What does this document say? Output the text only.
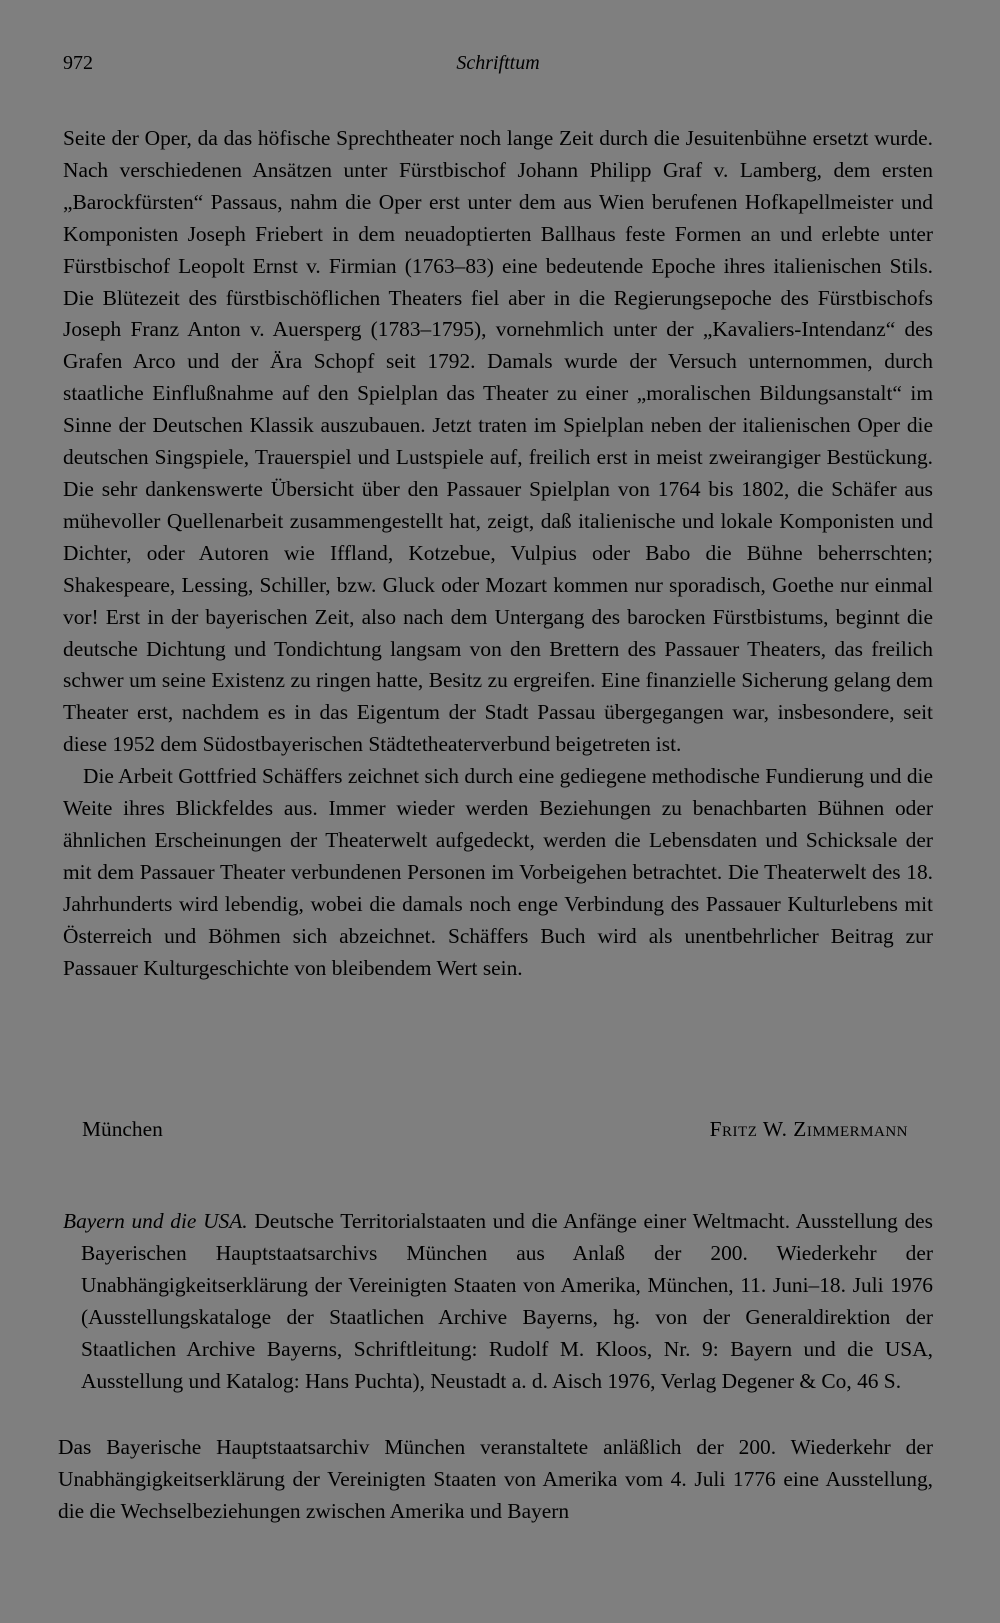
972	Schrifttum

Seite der Oper, da das höfische Sprechtheater noch lange Zeit durch die Jesuitenbühne ersetzt wurde. Nach verschiedenen Ansätzen unter Fürstbischof Johann Philipp Graf v. Lamberg, dem ersten „Barockfürsten“ Passaus, nahm die Oper erst unter dem aus Wien berufenen Hofkapellmeister und Komponisten Joseph Friebert in dem neuadoptierten Ballhaus feste Formen an und erlebte unter Fürstbischof Leopolt Ernst v. Firmian (1763–83) eine bedeutende Epoche ihres italienischen Stils. Die Blütezeit des fürstbischöflichen Theaters fiel aber in die Regierungsepoche des Fürstbischofs Joseph Franz Anton v. Auersperg (1783–1795), vornehmlich unter der „Kavaliers-Intendanz“ des Grafen Arco und der Ära Schopf seit 1792. Damals wurde der Versuch unternommen, durch staatliche Einflußnahme auf den Spielplan das Theater zu einer „moralischen Bildungsanstalt“ im Sinne der Deutschen Klassik auszubauen. Jetzt traten im Spielplan neben der italienischen Oper die deutschen Singspiele, Trauerspiel und Lustspiele auf, freilich erst in meist zweirangiger Bestückung. Die sehr dankenswerte Übersicht über den Passauer Spielplan von 1764 bis 1802, die Schäfer aus mühevoller Quellenarbeit zusammengestellt hat, zeigt, daß italienische und lokale Komponisten und Dichter, oder Autoren wie Iffland, Kotzebue, Vulpius oder Babo die Bühne beherrschten; Shakespeare, Lessing, Schiller, bzw. Gluck oder Mozart kommen nur sporadisch, Goethe nur einmal vor! Erst in der bayerischen Zeit, also nach dem Untergang des barocken Fürstbistums, beginnt die deutsche Dichtung und Tondichtung langsam von den Brettern des Passauer Theaters, das freilich schwer um seine Existenz zu ringen hatte, Besitz zu ergreifen. Eine finanzielle Sicherung gelang dem Theater erst, nachdem es in das Eigentum der Stadt Passau übergegangen war, insbesondere, seit diese 1952 dem Südostbayerischen Städtetheaterverbund beigetreten ist.

Die Arbeit Gottfried Schäffers zeichnet sich durch eine gediegene methodische Fundierung und die Weite ihres Blickfeldes aus. Immer wieder werden Beziehungen zu benachbarten Bühnen oder ähnlichen Erscheinungen der Theaterwelt aufgedeckt, werden die Lebensdaten und Schicksale der mit dem Passauer Theater verbundenen Personen im Vorbeigehen betrachtet. Die Theaterwelt des 18. Jahrhunderts wird lebendig, wobei die damals noch enge Verbindung des Passauer Kulturlebens mit Österreich und Böhmen sich abzeichnet. Schäffers Buch wird als unentbehrlicher Beitrag zur Passauer Kulturgeschichte von bleibendem Wert sein.

München	Fritz W. Zimmermann
Bayern und die USA. Deutsche Territorialstaaten und die Anfänge einer Weltmacht. Ausstellung des Bayerischen Hauptstaatsarchivs München aus Anlaß der 200. Wiederkehr der Unabhängigkeitserklärung der Vereinigten Staaten von Amerika, München, 11. Juni–18. Juli 1976 (Ausstellungskataloge der Staatlichen Archive Bayerns, hg. von der Generaldirektion der Staatlichen Archive Bayerns, Schriftleitung: Rudolf M. Kloos, Nr. 9: Bayern und die USA, Ausstellung und Katalog: Hans Puchta), Neustadt a. d. Aisch 1976, Verlag Degener & Co, 46 S.
Das Bayerische Hauptstaatsarchiv München veranstaltete anläßlich der 200. Wiederkehr der Unabhängigkeitserklärung der Vereinigten Staaten von Amerika vom 4. Juli 1776 eine Ausstellung, die die Wechselbeziehungen zwischen Amerika und Bayern
